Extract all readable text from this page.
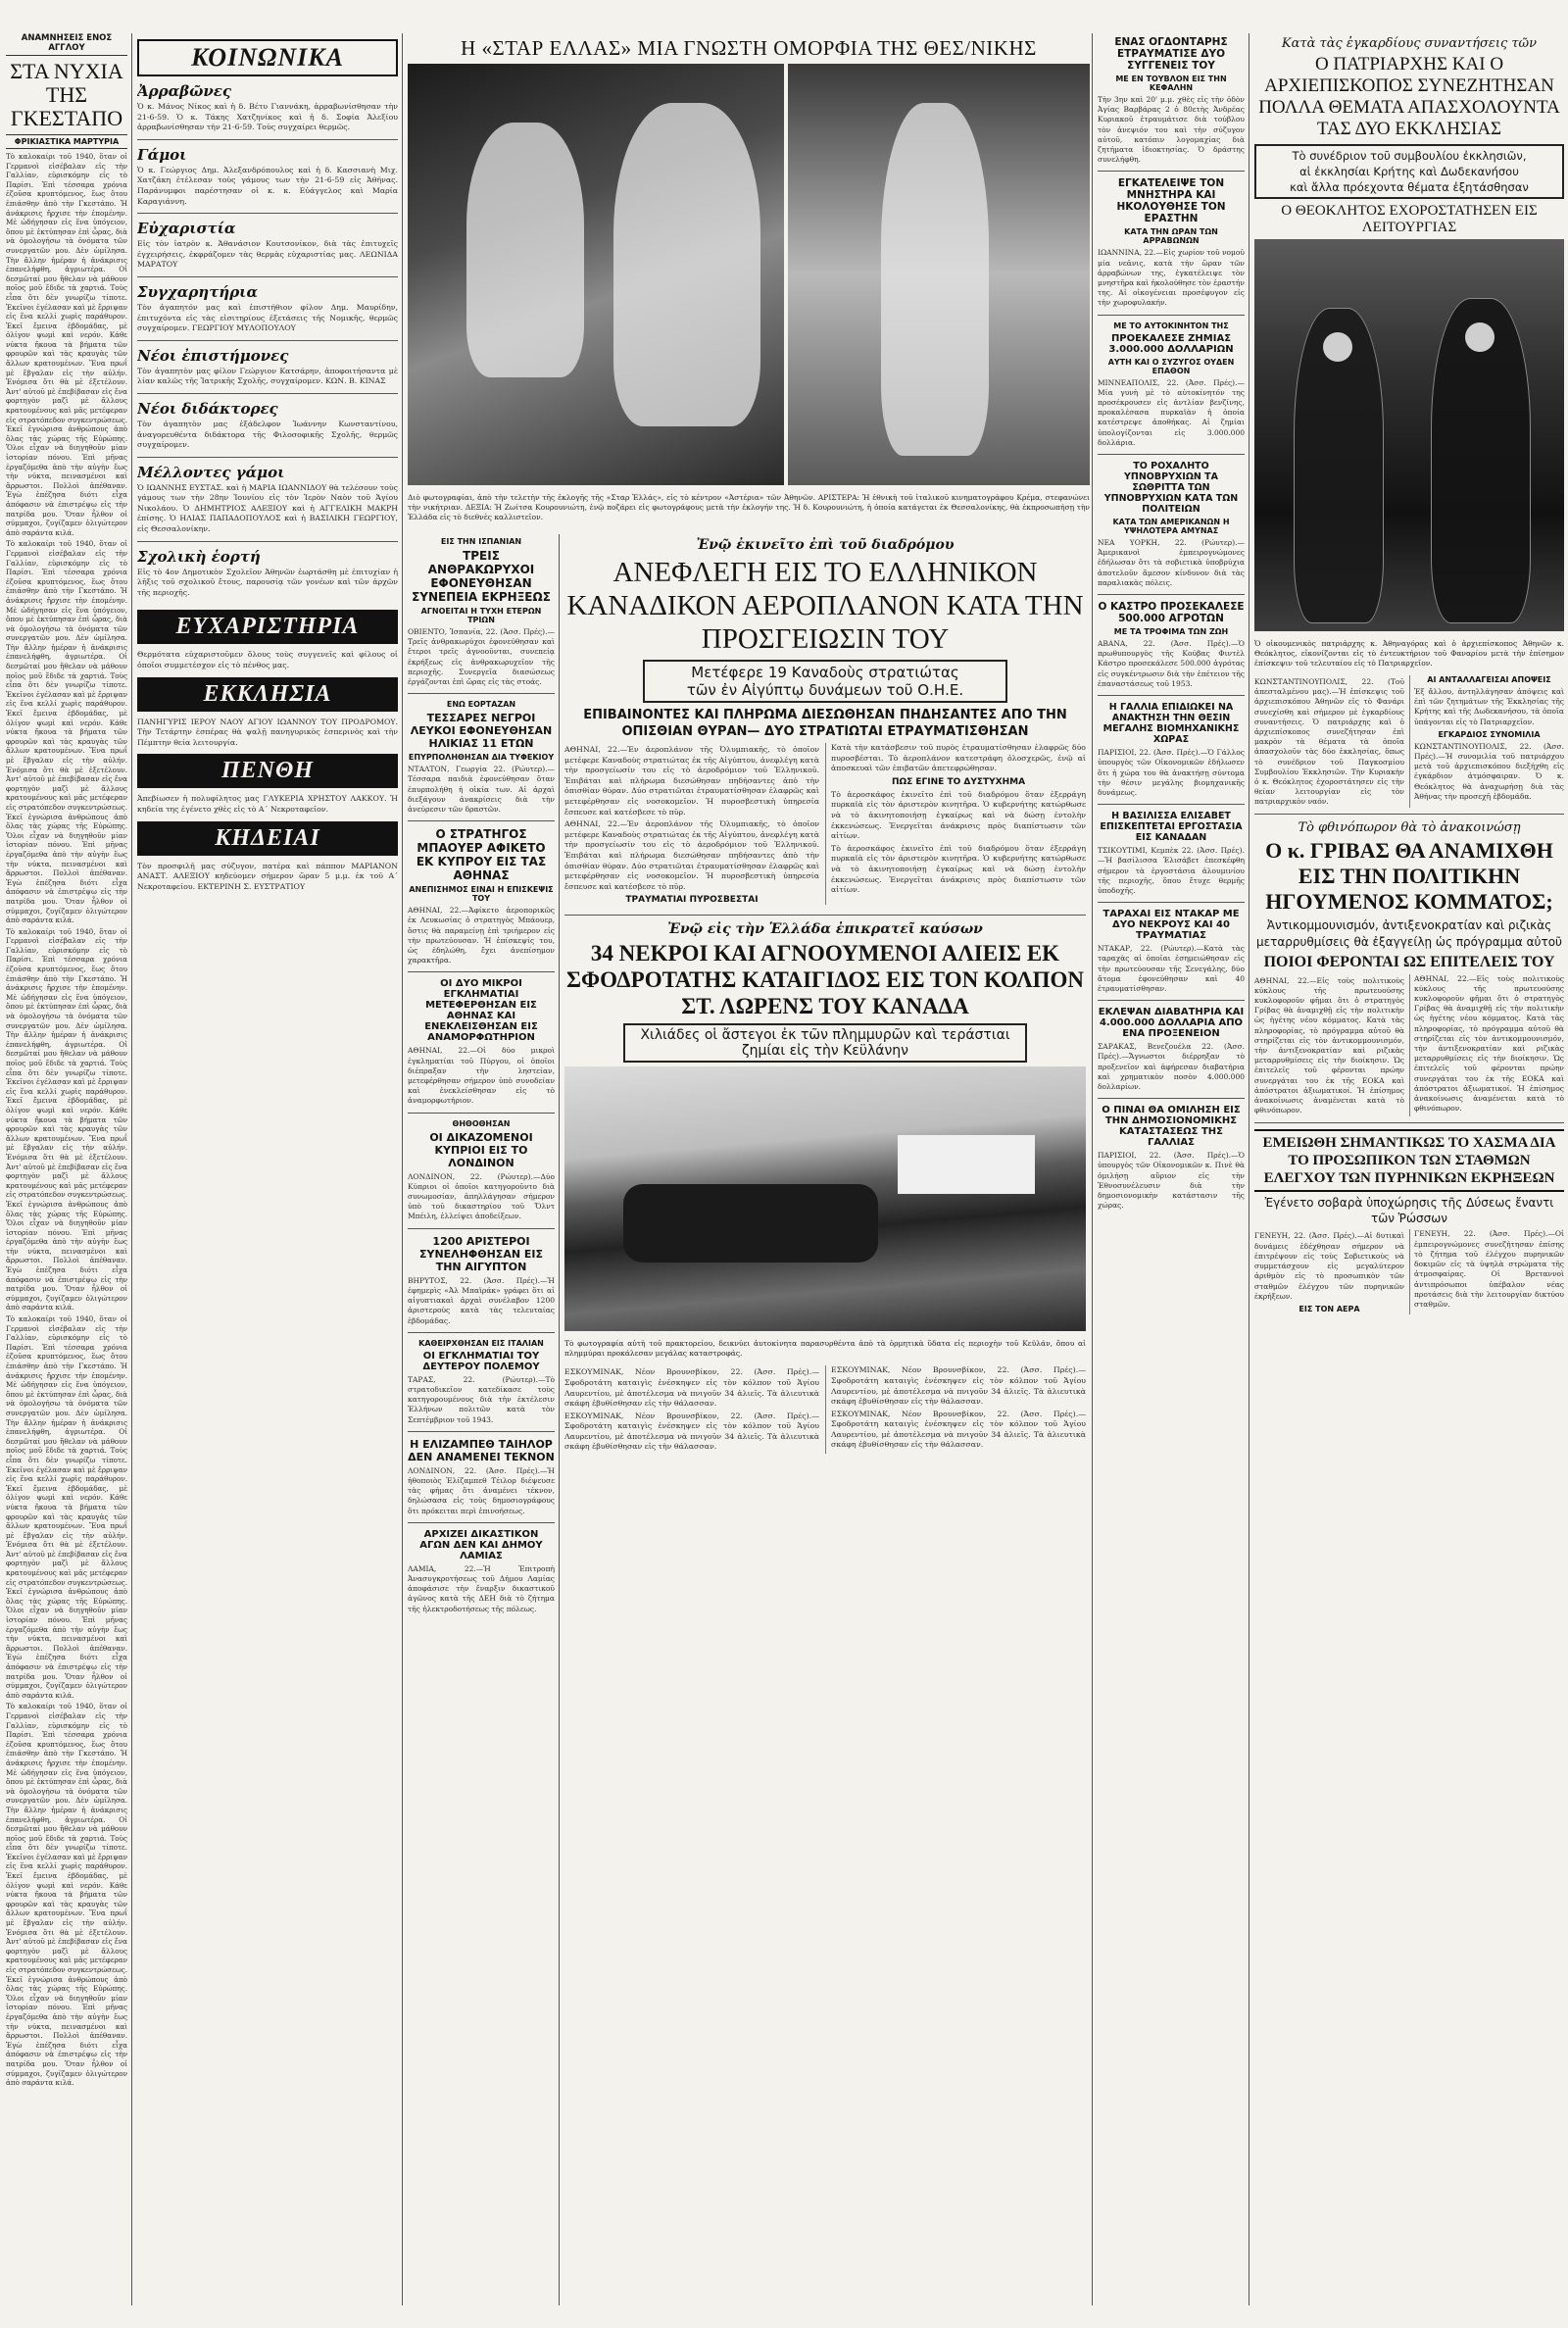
ΑΝΑΜΝΗΣΕΙΣ ΕΝΟΣ ΑΓΓΛΟΥ
ΣΤΑ ΝΥΧΙΑ ΤΗΣ ΓΚΕΣΤΑΠΟ
ΦΡΙΚΙΑΣΤΙΚΑ ΜΑΡΤΥΡΙΑ

Τὸ καλοκαίρι τοῦ 1940, ὅταν οἱ Γερμανοὶ εἰσέβαλαν εἰς τὴν Γαλλίαν, εὑρισκόμην εἰς τὸ Παρίσι. Ἐπὶ τέσσαρα χρόνια ἐζοῦσα κρυπτόμενος, ἕως ὅτου ἐπιάσθην ἀπὸ τὴν Γκεστάπο. Ἡ ἀνάκρισις ἤρχισε τὴν ἑπομένην. Μὲ ὡδήγησαν εἰς ἕνα ὑπόγειον, ὅπου μὲ ἐκτύπησαν ἐπὶ ὧρας, διὰ νὰ ὁμολογήσω τὰ ὀνόματα τῶν συνεργατῶν μου. Δὲν ὡμίλησα. Τὴν ἄλλην ἡμέραν ἡ ἀνάκρισις ἐπανελήφθη, ἀγριωτέρα. Οἱ δεσμῶταί μου ἤθελαν νὰ μάθουν ποῖος μοῦ ἔδιδε τὰ χαρτιά. Τοὺς εἶπα ὅτι δὲν γνωρίζω τίποτε. Ἐκεῖνοι ἐγέλασαν καὶ μὲ ἔρριψαν εἰς ἕνα κελλί χωρὶς παράθυρον. Ἐκεῖ ἔμεινα ἑβδομάδας, μὲ ὀλίγον ψωμὶ καὶ νερόν. Κάθε νύκτα ἤκουα τὰ βήματα τῶν φρουρῶν καὶ τὰς κραυγὰς τῶν ἄλλων κρατουμένων. Ἕνα πρωΐ μὲ ἔβγαλαν εἰς τὴν αὐλήν. Ἐνόμισα ὅτι θὰ μὲ ἐξετέλουν. Ἀντ' αὐτοῦ μὲ ἐπεβίβασαν εἰς ἕνα φορτηγὸν μαζὶ μὲ ἄλλους κρατουμένους καὶ μᾶς μετέφεραν εἰς στρατόπεδον συγκεντρώσεως. Ἐκεῖ ἐγνώρισα ἀνθρώπους ἀπὸ ὅλας τὰς χώρας τῆς Εὐρώπης. Ὅλοι εἶχαν νὰ διηγηθοῦν μίαν ἱστορίαν πόνου. Ἐπὶ μῆνας ἐργαζόμεθα ἀπὸ τὴν αὐγὴν ἕως τὴν νύκτα, πεινασμένοι καὶ ἄρρωστοι. Πολλοὶ ἀπέθαναν. Ἐγὼ ἐπέζησα διότι εἶχα ἀπόφασιν νὰ ἐπιστρέψω εἰς τὴν πατρίδα μου. Ὅταν ἦλθον οἱ σύμμαχοι, ζυγίζαμεν ὀλιγώτερον ἀπὸ σαράντα κιλά.

Τὸ καλοκαίρι τοῦ 1940, ὅταν οἱ Γερμανοὶ εἰσέβαλαν εἰς τὴν Γαλλίαν, εὑρισκόμην εἰς τὸ Παρίσι. Ἐπὶ τέσσαρα χρόνια ἐζοῦσα κρυπτόμενος, ἕως ὅτου ἐπιάσθην ἀπὸ τὴν Γκεστάπο. Ἡ ἀνάκρισις ἤρχισε τὴν ἑπομένην. Μὲ ὡδήγησαν εἰς ἕνα ὑπόγειον, ὅπου μὲ ἐκτύπησαν ἐπὶ ὧρας, διὰ νὰ ὁμολογήσω τὰ ὀνόματα τῶν συνεργατῶν μου. Δὲν ὡμίλησα. Τὴν ἄλλην ἡμέραν ἡ ἀνάκρισις ἐπανελήφθη, ἀγριωτέρα. Οἱ δεσμῶταί μου ἤθελαν νὰ μάθουν ποῖος μοῦ ἔδιδε τὰ χαρτιά. Τοὺς εἶπα ὅτι δὲν γνωρίζω τίποτε. Ἐκεῖνοι ἐγέλασαν καὶ μὲ ἔρριψαν εἰς ἕνα κελλί χωρὶς παράθυρον. Ἐκεῖ ἔμεινα ἑβδομάδας, μὲ ὀλίγον ψωμὶ καὶ νερόν. Κάθε νύκτα ἤκουα τὰ βήματα τῶν φρουρῶν καὶ τὰς κραυγὰς τῶν ἄλλων κρατουμένων. Ἕνα πρωΐ μὲ ἔβγαλαν εἰς τὴν αὐλήν. Ἐνόμισα ὅτι θὰ μὲ ἐξετέλουν. Ἀντ' αὐτοῦ μὲ ἐπεβίβασαν εἰς ἕνα φορτηγὸν μαζὶ μὲ ἄλλους κρατουμένους καὶ μᾶς μετέφεραν εἰς στρατόπεδον συγκεντρώσεως. Ἐκεῖ ἐγνώρισα ἀνθρώπους ἀπὸ ὅλας τὰς χώρας τῆς Εὐρώπης. Ὅλοι εἶχαν νὰ διηγηθοῦν μίαν ἱστορίαν πόνου. Ἐπὶ μῆνας ἐργαζόμεθα ἀπὸ τὴν αὐγὴν ἕως τὴν νύκτα, πεινασμένοι καὶ ἄρρωστοι. Πολλοὶ ἀπέθαναν. Ἐγὼ ἐπέζησα διότι εἶχα ἀπόφασιν νὰ ἐπιστρέψω εἰς τὴν πατρίδα μου. Ὅταν ἦλθον οἱ σύμμαχοι, ζυγίζαμεν ὀλιγώτερον ἀπὸ σαράντα κιλά.

Τὸ καλοκαίρι τοῦ 1940, ὅταν οἱ Γερμανοὶ εἰσέβαλαν εἰς τὴν Γαλλίαν, εὑρισκόμην εἰς τὸ Παρίσι. Ἐπὶ τέσσαρα χρόνια ἐζοῦσα κρυπτόμενος, ἕως ὅτου ἐπιάσθην ἀπὸ τὴν Γκεστάπο. Ἡ ἀνάκρισις ἤρχισε τὴν ἑπομένην. Μὲ ὡδήγησαν εἰς ἕνα ὑπόγειον, ὅπου μὲ ἐκτύπησαν ἐπὶ ὧρας, διὰ νὰ ὁμολογήσω τὰ ὀνόματα τῶν συνεργατῶν μου. Δὲν ὡμίλησα. Τὴν ἄλλην ἡμέραν ἡ ἀνάκρισις ἐπανελήφθη, ἀγριωτέρα. Οἱ δεσμῶταί μου ἤθελαν νὰ μάθουν ποῖος μοῦ ἔδιδε τὰ χαρτιά. Τοὺς εἶπα ὅτι δὲν γνωρίζω τίποτε. Ἐκεῖνοι ἐγέλασαν καὶ μὲ ἔρριψαν εἰς ἕνα κελλί χωρὶς παράθυρον. Ἐκεῖ ἔμεινα ἑβδομάδας, μὲ ὀλίγον ψωμὶ καὶ νερόν. Κάθε νύκτα ἤκουα τὰ βήματα τῶν φρουρῶν καὶ τὰς κραυγὰς τῶν ἄλλων κρατουμένων. Ἕνα πρωΐ μὲ ἔβγαλαν εἰς τὴν αὐλήν. Ἐνόμισα ὅτι θὰ μὲ ἐξετέλουν. Ἀντ' αὐτοῦ μὲ ἐπεβίβασαν εἰς ἕνα φορτηγὸν μαζὶ μὲ ἄλλους κρατουμένους καὶ μᾶς μετέφεραν εἰς στρατόπεδον συγκεντρώσεως. Ἐκεῖ ἐγνώρισα ἀνθρώπους ἀπὸ ὅλας τὰς χώρας τῆς Εὐρώπης. Ὅλοι εἶχαν νὰ διηγηθοῦν μίαν ἱστορίαν πόνου. Ἐπὶ μῆνας ἐργαζόμεθα ἀπὸ τὴν αὐγὴν ἕως τὴν νύκτα, πεινασμένοι καὶ ἄρρωστοι. Πολλοὶ ἀπέθαναν. Ἐγὼ ἐπέζησα διότι εἶχα ἀπόφασιν νὰ ἐπιστρέψω εἰς τὴν πατρίδα μου. Ὅταν ἦλθον οἱ σύμμαχοι, ζυγίζαμεν ὀλιγώτερον ἀπὸ σαράντα κιλά.

Τὸ καλοκαίρι τοῦ 1940, ὅταν οἱ Γερμανοὶ εἰσέβαλαν εἰς τὴν Γαλλίαν, εὑρισκόμην εἰς τὸ Παρίσι. Ἐπὶ τέσσαρα χρόνια ἐζοῦσα κρυπτόμενος, ἕως ὅτου ἐπιάσθην ἀπὸ τὴν Γκεστάπο. Ἡ ἀνάκρισις ἤρχισε τὴν ἑπομένην. Μὲ ὡδήγησαν εἰς ἕνα ὑπόγειον, ὅπου μὲ ἐκτύπησαν ἐπὶ ὧρας, διὰ νὰ ὁμολογήσω τὰ ὀνόματα τῶν συνεργατῶν μου. Δὲν ὡμίλησα. Τὴν ἄλλην ἡμέραν ἡ ἀνάκρισις ἐπανελήφθη, ἀγριωτέρα. Οἱ δεσμῶταί μου ἤθελαν νὰ μάθουν ποῖος μοῦ ἔδιδε τὰ χαρτιά. Τοὺς εἶπα ὅτι δὲν γνωρίζω τίποτε. Ἐκεῖνοι ἐγέλασαν καὶ μὲ ἔρριψαν εἰς ἕνα κελλί χωρὶς παράθυρον. Ἐκεῖ ἔμεινα ἑβδομάδας, μὲ ὀλίγον ψωμὶ καὶ νερόν. Κάθε νύκτα ἤκουα τὰ βήματα τῶν φρουρῶν καὶ τὰς κραυγὰς τῶν ἄλλων κρατουμένων. Ἕνα πρωΐ μὲ ἔβγαλαν εἰς τὴν αὐλήν. Ἐνόμισα ὅτι θὰ μὲ ἐξετέλουν. Ἀντ' αὐτοῦ μὲ ἐπεβίβασαν εἰς ἕνα φορτηγὸν μαζὶ μὲ ἄλλους κρατουμένους καὶ μᾶς μετέφεραν εἰς στρατόπεδον συγκεντρώσεως. Ἐκεῖ ἐγνώρισα ἀνθρώπους ἀπὸ ὅλας τὰς χώρας τῆς Εὐρώπης. Ὅλοι εἶχαν νὰ διηγηθοῦν μίαν ἱστορίαν πόνου. Ἐπὶ μῆνας ἐργαζόμεθα ἀπὸ τὴν αὐγὴν ἕως τὴν νύκτα, πεινασμένοι καὶ ἄρρωστοι. Πολλοὶ ἀπέθαναν. Ἐγὼ ἐπέζησα διότι εἶχα ἀπόφασιν νὰ ἐπιστρέψω εἰς τὴν πατρίδα μου. Ὅταν ἦλθον οἱ σύμμαχοι, ζυγίζαμεν ὀλιγώτερον ἀπὸ σαράντα κιλά.

Τὸ καλοκαίρι τοῦ 1940, ὅταν οἱ Γερμανοὶ εἰσέβαλαν εἰς τὴν Γαλλίαν, εὑρισκόμην εἰς τὸ Παρίσι. Ἐπὶ τέσσαρα χρόνια ἐζοῦσα κρυπτόμενος, ἕως ὅτου ἐπιάσθην ἀπὸ τὴν Γκεστάπο. Ἡ ἀνάκρισις ἤρχισε τὴν ἑπομένην. Μὲ ὡδήγησαν εἰς ἕνα ὑπόγειον, ὅπου μὲ ἐκτύπησαν ἐπὶ ὧρας, διὰ νὰ ὁμολογήσω τὰ ὀνόματα τῶν συνεργατῶν μου. Δὲν ὡμίλησα. Τὴν ἄλλην ἡμέραν ἡ ἀνάκρισις ἐπανελήφθη, ἀγριωτέρα. Οἱ δεσμῶταί μου ἤθελαν νὰ μάθουν ποῖος μοῦ ἔδιδε τὰ χαρτιά. Τοὺς εἶπα ὅτι δὲν γνωρίζω τίποτε. Ἐκεῖνοι ἐγέλασαν καὶ μὲ ἔρριψαν εἰς ἕνα κελλί χωρὶς παράθυρον. Ἐκεῖ ἔμεινα ἑβδομάδας, μὲ ὀλίγον ψωμὶ καὶ νερόν. Κάθε νύκτα ἤκουα τὰ βήματα τῶν φρουρῶν καὶ τὰς κραυγὰς τῶν ἄλλων κρατουμένων. Ἕνα πρωΐ μὲ ἔβγαλαν εἰς τὴν αὐλήν. Ἐνόμισα ὅτι θὰ μὲ ἐξετέλουν. Ἀντ' αὐτοῦ μὲ ἐπεβίβασαν εἰς ἕνα φορτηγὸν μαζὶ μὲ ἄλλους κρατουμένους καὶ μᾶς μετέφεραν εἰς στρατόπεδον συγκεντρώσεως. Ἐκεῖ ἐγνώρισα ἀνθρώπους ἀπὸ ὅλας τὰς χώρας τῆς Εὐρώπης. Ὅλοι εἶχαν νὰ διηγηθοῦν μίαν ἱστορίαν πόνου. Ἐπὶ μῆνας ἐργαζόμεθα ἀπὸ τὴν αὐγὴν ἕως τὴν νύκτα, πεινασμένοι καὶ ἄρρωστοι. Πολλοὶ ἀπέθαναν. Ἐγὼ ἐπέζησα διότι εἶχα ἀπόφασιν νὰ ἐπιστρέψω εἰς τὴν πατρίδα μου. Ὅταν ἦλθον οἱ σύμμαχοι, ζυγίζαμεν ὀλιγώτερον ἀπὸ σαράντα κιλά.

ΚΟΙΝΩΝΙΚΑ
Ἀρραβῶνες

Ὁ κ. Μάνος Νίκος καὶ ἡ δ. Βέτυ Γιαννάκη, ἀρραβωνίσθησαν τὴν 21-6-59. Ὁ κ. Τάκης Χατζηνίκος καὶ ἡ δ. Σοφία Ἀλεξίου ἀρραβωνίσθησαν τὴν 21-6-59. Τοὺς συγχαίρει θερμῶς.

Γάμοι

Ὁ κ. Γεώργιος Δημ. Ἀλεξανδρόπουλος καὶ ἡ δ. Κασσιανὴ Μιχ. Χατζάκη ἐτέλεσαν τοὺς γάμους των τὴν 21-6-59 εἰς Ἀθήνας. Παράνυμφοι παρέστησαν οἱ κ. κ. Εὐάγγελος καὶ Μαρία Καραγιάννη.

Εὐχαριστία

Εἰς τὸν ἰατρὸν κ. Ἀθανάσιον Κουτσονίκον, διὰ τὰς ἐπιτυχεῖς ἐγχειρήσεις, ἐκφράζομεν τὰς θερμὰς εὐχαριστίας μας. ΛΕΩΝΙΔΑ ΜΑΡΑΤΟΥ

Συγχαρητήρια

Τὸν ἀγαπητόν μας καὶ ἐπιστήθιον φίλον Δημ. Μαυρίδην, ἐπιτυχόντα εἰς τὰς εἰσιτηρίους ἐξετάσεις τῆς Νομικῆς, θερμῶς συγχαίρομεν. ΓΕΩΡΓΙΟΥ ΜΥΛΟΠΟΥΛΟΥ

Νέοι ἐπιστήμονες

Τὸν ἀγαπητὸν μας φίλον Γεώργιον Κατσάρην, ἀποφοιτήσαντα μὲ λίαν καλῶς τῆς Ἰατρικῆς Σχολῆς, συγχαίρομεν. ΚΩΝ. Β. ΚΙΝΑΣ

Νέοι διδάκτορες

Τὸν ἀγαπητὸν μας ἐξάδελφον Ἰωάννην Κωνσταντίνου, ἀναγορευθέντα διδάκτορα τῆς Φιλοσοφικῆς Σχολῆς, θερμῶς συγχαίρομεν.

Μέλλοντες γάμοι

Ὁ ΙΩΑΝΝΗΣ ΕΥΣΤΑΣ. καὶ ἡ ΜΑΡΙΑ ΙΩΑΝΝΙΔΟΥ θὰ τελέσουν τοὺς γάμους των τὴν 28ην Ἰουνίου εἰς τὸν Ἱερὸν Ναὸν τοῦ Ἁγίου Νικολάου. Ὁ ΔΗΜΗΤΡΙΟΣ ΑΛΕΞΙΟΥ καὶ ἡ ΑΓΓΕΛΙΚΗ ΜΑΚΡΗ ἐπίσης. Ὁ ΗΛΙΑΣ ΠΑΠΑΔΟΠΟΥΛΟΣ καὶ ἡ ΒΑΣΙΛΙΚΗ ΓΕΩΡΓΙΟΥ, εἰς Θεσσαλονίκην.

Σχολικὴ ἑορτή

Εἰς τὸ 4ον Δημοτικὸν Σχολεῖον Ἀθηνῶν ἐωρτάσθη μὲ ἐπιτυχίαν ἡ λῆξις τοῦ σχολικοῦ ἔτους, παρουσίᾳ τῶν γονέων καὶ τῶν ἀρχῶν τῆς περιοχῆς.

ΕΥΧΑΡΙΣΤΗΡΙΑ

Θερμότατα εὐχαριστοῦμεν ὅλους τοὺς συγγενεῖς καὶ φίλους οἱ ὁποῖοι συμμετέσχον εἰς τὸ πένθος μας.

ΕΚΚΛΗΣΙΑ

ΠΑΝΗΓΥΡΙΣ ΙΕΡΟΥ ΝΑΟΥ ΑΓΙΟΥ ΙΩΑΝΝΟΥ ΤΟΥ ΠΡΟΔΡΟΜΟΥ. Τὴν Τετάρτην ἑσπέρας θὰ ψαλῇ πανηγυρικὸς ἑσπερινὸς καὶ τὴν Πέμπτην θεία λειτουργία.

ΠΕΝΘΗ

Ἀπεβίωσεν ἡ πολυφίλητος μας ΓΛΥΚΕΡΙΑ ΧΡΗΣΤΟΥ ΛΑΚΚΟΥ. Ἡ κηδεία της ἐγένετο χθὲς εἰς τὸ Α΄ Νεκροταφεῖον.

ΚΗΔΕΙΑΙ

Τὸν προσφιλῆ μας σύζυγον, πατέρα καὶ πάππον ΜΑΡΙΑΝΟΝ ΑΝΑΣΤ. ΑΛΕΞΙΟΥ κηδεύομεν σήμερον ὥραν 5 μ.μ. ἐκ τοῦ Α΄ Νεκροταφείου. ΕΚΤΕΡΙΝΗ Σ. ΕΥΣΤΡΑΤΙΟΥ

Η «ΣΤΑΡ ΕΛΛΑΣ» ΜΙΑ ΓΝΩΣΤΗ ΟΜΟΡΦΙΑ ΤΗΣ ΘΕΣ/ΝΙΚΗΣ

Διὸ φωτογραφίαι, ἀπὸ τὴν τελετὴν τῆς ἐκλογῆς τῆς «Σταρ Ἑλλάς», εἰς τὸ κέντρον «Ἀστέρια» τῶν Ἀθηνῶν. ΑΡΙΣΤΕΡΑ: Ἡ ἐθνικὴ τοῦ ἰταλικοῦ κινηματογράφου Κρέμα, στεφανώνει τὴν νικήτριαν. ΔΕΞΙΑ: Ἡ Ζωίτσα Κουρουνιώτη, ἐνῷ ποζάρει εἰς φωτογράφους μετὰ τὴν ἐκλογήν της. Ἡ δ. Κουρουνιώτη, ἡ ὁποία κατάγεται ἐκ Θεσσαλονίκης, θὰ ἐκπροσωπήσῃ τὴν Ἑλλάδα εἰς τὸ διεθνὲς καλλιστεῖον.

ΕΙΣ ΤΗΝ ΙΣΠΑΝΙΑΝ
ΤΡΕΙΣ ΑΝΘΡΑΚΩΡΥΧΟΙ ΕΦΟΝΕΥΘΗΣΑΝ ΣΥΝΕΠΕΙΑ ΕΚΡΗΞΕΩΣ
ΑΓΝΟΕΙΤΑΙ Η ΤΥΧΗ ΕΤΕΡΩΝ ΤΡΙΩΝ

ΟΒΙΕΝΤΟ, Ἰσπανία, 22. (Ἀσσ. Πρές).—Τρεῖς ἀνθρακωρύχοι ἐφονεύθησαν καὶ ἕτεροι τρεῖς ἀγνοοῦνται, συνεπείᾳ ἐκρήξεως εἰς ἀνθρακωρυχεῖον τῆς περιοχῆς. Συνεργεῖα διασώσεως ἐργάζονται ἐπὶ ὥρας εἰς τὰς στοάς.

ΕΝΩ ΕΟΡΤΑΖΑΝ
ΤΕΣΣΑΡΕΣ ΝΕΓΡΟΙ ΛΕΥΚΟΙ ΕΦΟΝΕΥΘΗΣΑΝ ΗΛΙΚΙΑΣ 11 ΕΤΩΝ
ΕΠΥΡΠΟΛΗΘΗΣΑΝ ΔΙΑ ΤΥΦΕΚΙΟΥ

ΝΤΑΛΤΟΝ, Γεωργία 22. (Ρώυτερ).—Τέσσαρα παιδιὰ ἐφονεύθησαν ὅταν ἐπυρπολήθη ἡ οἰκία των. Αἱ ἀρχαὶ διεξάγουν ἀνακρίσεις διὰ τὴν ἀνεύρεσιν τῶν δραστῶν.

Ο ΣΤΡΑΤΗΓΟΣ ΜΠΑΟΥΕΡ ΑΦΙΚΕΤΟ ΕΚ ΚΥΠΡΟΥ ΕΙΣ ΤΑΣ ΑΘΗΝΑΣ
ΑΝΕΠΙΣΗΜΟΣ ΕΙΝΑΙ Η ΕΠΙΣΚΕΨΙΣ ΤΟΥ

ΑΘΗΝΑΙ, 22.—Ἀφίκετο ἀεροπορικῶς ἐκ Λευκωσίας ὁ στρατηγὸς Μπάουερ, ὅστις θὰ παραμείνῃ ἐπὶ τριήμερον εἰς τὴν πρωτεύουσαν. Ἡ ἐπίσκεψίς του, ὡς ἐδηλώθη, ἔχει ἀνεπίσημον χαρακτῆρα.

ΟΙ ΔΥΟ ΜΙΚΡΟΙ ΕΓΚΛΗΜΑΤΙΑΙ ΜΕΤΕΦΕΡΘΗΣΑΝ ΕΙΣ ΑΘΗΝΑΣ ΚΑΙ ΕΝΕΚΛΕΙΣΘΗΣΑΝ ΕΙΣ ΑΝΑΜΟΡΦΩΤΗΡΙΟΝ

ΑΘΗΝΑΙ, 22.—Οἱ δύο μικροὶ ἐγκληματίαι τοῦ Πύργου, οἱ ὁποῖοι διέπραξαν τὴν ληστείαν, μετεφέρθησαν σήμερον ὑπὸ συνοδείαν καὶ ἐνεκλείσθησαν εἰς τὸ ἀναμορφωτήριον.

ΘΗΘΟΘΗΣΑΝ
ΟΙ ΔΙΚΑΖΟΜΕΝΟΙ ΚΥΠΡΙΟΙ ΕΙΣ ΤΟ ΛΟΝΔΙΝΟΝ

ΛΟΝΔΙΝΟΝ, 22. (Ρώυτερ).—Δύο Κύπριοι οἱ ὁποῖοι κατηγοροῦντο διὰ συνωμοσίαν, ἀπηλλάγησαν σήμερον ὑπὸ τοῦ δικαστηρίου τοῦ Ὄλντ Μπέιλη, ἐλλείψει ἀποδείξεων.

1200 ΑΡΙΣΤΕΡΟΙ ΣΥΝΕΛΗΦΘΗΣΑΝ ΕΙΣ ΤΗΝ ΑΙΓΥΠΤΟΝ

ΒΗΡΥΤΟΣ, 22. (Ἀσσ. Πρές).—Ἡ ἐφημερὶς «Ἀλ Μπαϊράκ» γράφει ὅτι αἱ αἰγυπτιακαὶ ἀρχαὶ συνέλαβον 1200 ἀριστεροὺς κατὰ τὰς τελευταίας ἑβδομάδας.

ΚΑΘΕΙΡΧΘΗΣΑΝ ΕΙΣ ΙΤΑΛΙΑΝ
ΟΙ ΕΓΚΛΗΜΑΤΙΑΙ ΤΟΥ ΔΕΥΤΕΡΟΥ ΠΟΛΕΜΟΥ

ΤΑΡΑΣ, 22. (Ρώυτερ).—Τὸ στρατοδικεῖον κατεδίκασε τοὺς κατηγορουμένους διὰ τὴν ἐκτέλεσιν Ἑλλήνων πολιτῶν κατὰ τὸν Σεπτέμβριον τοῦ 1943.

Η ΕΛΙΖΑΜΠΕΘ ΤΑΙΗΛΟΡ ΔΕΝ ΑΝΑΜΕΝΕΙ ΤΕΚΝΟΝ

ΛΟΝΔΙΝΟΝ, 22. (Ἀσσ. Πρές).—Ἡ ἠθοποιὸς Ἐλίζαμπεθ Τέιλορ διέψευσε τὰς φήμας ὅτι ἀναμένει τέκνον, δηλώσασα εἰς τοὺς δημοσιογράφους ὅτι πρόκειται περὶ ἐπινοήσεως.

ΑΡΧΙΖΕΙ ΔΙΚΑΣΤΙΚΟΝ ΑΓΩΝ ΔΕΝ ΚΑΙ ΔΗΜΟΥ ΛΑΜΙΑΣ

ΛΑΜΙΑ, 22.—Ἡ Ἐπιτροπὴ Ἀνασυγκροτήσεως τοῦ Δήμου Λαμίας ἀποφάσισε τὴν ἔναρξιν δικαστικοῦ ἀγῶνος κατὰ τῆς ΔΕΗ διὰ τὸ ζήτημα τῆς ἠλεκτροδοτήσεως τῆς πόλεως.

Ἐνῷ ἐκινεῖτο ἐπὶ τοῦ διαδρόμου
ΑΝΕΦΛΕΓΗ ΕΙΣ ΤΟ ΕΛΛΗΝΙΚΟΝ ΚΑΝΑΔΙΚΟΝ ΑΕΡΟΠΛΑΝΟΝ ΚΑΤΑ ΤΗΝ ΠΡΟΣΓΕΙΩΣΙΝ ΤΟΥ
Μετέφερε 19 Καναδοὺς στρατιώτας
τῶν ἐν Αἰγύπτῳ δυνάμεων τοῦ Ο.Η.Ε.
ΕΠΙΒΑΙΝΟΝΤΕΣ ΚΑΙ ΠΛΗΡΩΜΑ ΔΙΕΣΩΘΗΣΑΝ ΠΗΔΗΣΑΝΤΕΣ ΑΠΟ ΤΗΝ ΟΠΙΣΘΙΑΝ ΘΥΡΑΝ— ΔΥΟ ΣΤΡΑΤΙΩΤΑΙ ΕΤΡΑΥΜΑΤΙΣΘΗΣΑΝ

ΑΘΗΝΑΙ, 22.—Ἐν ἀεροπλάνον τῆς Ὀλυμπιακῆς, τὸ ὁποῖον μετέφερε Καναδοὺς στρατιώτας ἐκ τῆς Αἰγύπτου, ἀνεφλέγη κατὰ τὴν προσγείωσίν του εἰς τὸ ἀεροδρόμιον τοῦ Ἑλληνικοῦ. Ἐπιβάται καὶ πλήρωμα διεσώθησαν πηδήσαντες ἀπὸ τὴν ὀπισθίαν θύραν. Δύο στρατιῶται ἐτραυματίσθησαν ἐλαφρῶς καὶ μετεφέρθησαν εἰς νοσοκομεῖον. Ἡ πυροσβεστικὴ ὑπηρεσία ἔσπευσε καὶ κατέσβεσε τὸ πῦρ.

ΑΘΗΝΑΙ, 22.—Ἐν ἀεροπλάνον τῆς Ὀλυμπιακῆς, τὸ ὁποῖον μετέφερε Καναδοὺς στρατιώτας ἐκ τῆς Αἰγύπτου, ἀνεφλέγη κατὰ τὴν προσγείωσίν του εἰς τὸ ἀεροδρόμιον τοῦ Ἑλληνικοῦ. Ἐπιβάται καὶ πλήρωμα διεσώθησαν πηδήσαντες ἀπὸ τὴν ὀπισθίαν θύραν. Δύο στρατιῶται ἐτραυματίσθησαν ἐλαφρῶς καὶ μετεφέρθησαν εἰς νοσοκομεῖον. Ἡ πυροσβεστικὴ ὑπηρεσία ἔσπευσε καὶ κατέσβεσε τὸ πῦρ.

ΤΡΑΥΜΑΤΙΑΙ ΠΥΡΟΣΒΕΣΤΑΙ

Κατὰ τὴν κατάσβεσιν τοῦ πυρὸς ἐτραυματίσθησαν ἐλαφρῶς δύο πυροσβέσται. Τὸ ἀεροπλάνον κατεστράφη ὁλοσχερῶς, ἐνῷ αἱ ἀποσκευαὶ τῶν ἐπιβατῶν ἀπετεφρώθησαν.

ΠΩΣ ΕΓΙΝΕ ΤΟ ΔΥΣΤΥΧΗΜΑ

Τὸ ἀεροσκάφος ἐκινεῖτο ἐπὶ τοῦ διαδρόμου ὅταν ἐξερράγη πυρκαϊὰ εἰς τὸν ἀριστερὸν κινητῆρα. Ὁ κυβερνήτης κατώρθωσε νὰ τὸ ἀκινητοποιήσῃ ἐγκαίρως καὶ νὰ δώσῃ ἐντολὴν ἐκκενώσεως. Ἐνεργεῖται ἀνάκρισις πρὸς διαπίστωσιν τῶν αἰτίων.

Τὸ ἀεροσκάφος ἐκινεῖτο ἐπὶ τοῦ διαδρόμου ὅταν ἐξερράγη πυρκαϊὰ εἰς τὸν ἀριστερὸν κινητῆρα. Ὁ κυβερνήτης κατώρθωσε νὰ τὸ ἀκινητοποιήσῃ ἐγκαίρως καὶ νὰ δώσῃ ἐντολὴν ἐκκενώσεως. Ἐνεργεῖται ἀνάκρισις πρὸς διαπίστωσιν τῶν αἰτίων.

Ἐνῷ εἰς τὴν Ἑλλάδα ἐπικρατεῖ καύσων
34 ΝΕΚΡΟΙ ΚΑΙ ΑΓΝΟΟΥΜΕΝΟΙ ΑΛΙΕΙΣ ΕΚ ΣΦΟΔΡΟΤΑΤΗΣ ΚΑΤΑΙΓΙΔΟΣ ΕΙΣ ΤΟΝ ΚΟΛΠΟΝ ΣΤ. ΛΩΡΕΝΣ ΤΟΥ ΚΑΝΑΔΑ
Χιλιάδες οἱ ἄστεγοι ἐκ τῶν πλημμυρῶν καὶ τεράστιαι ζημίαι εἰς τὴν Κεϋλάνην

Τὸ φωτογραφία αὐτὴ τοῦ πρακτορείου, δεικνύει ἀυτοκίνητα παρασυρθέντα ἀπὸ τὰ ὁρμητικὰ ὕδατα εἰς περιοχὴν τοῦ Κεϋλάν, ὅπου αἱ πλημμύραι προκάλεσαν μεγάλας καταστροφάς.

ΕΣΚΟΥΜΙΝΑΚ, Νέον Βρουνσβίκον, 22. (Ἀσσ. Πρές).—Σφοδροτάτη καταιγὶς ἐνέσκηψεν εἰς τὸν κόλπον τοῦ Ἁγίου Λαυρεντίου, μὲ ἀποτέλεσμα νὰ πνιγοῦν 34 ἁλιεῖς. Τὰ ἁλιευτικὰ σκάφη ἐβυθίσθησαν εἰς τὴν θάλασσαν.

ΕΣΚΟΥΜΙΝΑΚ, Νέον Βρουνσβίκον, 22. (Ἀσσ. Πρές).—Σφοδροτάτη καταιγὶς ἐνέσκηψεν εἰς τὸν κόλπον τοῦ Ἁγίου Λαυρεντίου, μὲ ἀποτέλεσμα νὰ πνιγοῦν 34 ἁλιεῖς. Τὰ ἁλιευτικὰ σκάφη ἐβυθίσθησαν εἰς τὴν θάλασσαν.

ΕΣΚΟΥΜΙΝΑΚ, Νέον Βρουνσβίκον, 22. (Ἀσσ. Πρές).—Σφοδροτάτη καταιγὶς ἐνέσκηψεν εἰς τὸν κόλπον τοῦ Ἁγίου Λαυρεντίου, μὲ ἀποτέλεσμα νὰ πνιγοῦν 34 ἁλιεῖς. Τὰ ἁλιευτικὰ σκάφη ἐβυθίσθησαν εἰς τὴν θάλασσαν.

ΕΣΚΟΥΜΙΝΑΚ, Νέον Βρουνσβίκον, 22. (Ἀσσ. Πρές).—Σφοδροτάτη καταιγὶς ἐνέσκηψεν εἰς τὸν κόλπον τοῦ Ἁγίου Λαυρεντίου, μὲ ἀποτέλεσμα νὰ πνιγοῦν 34 ἁλιεῖς. Τὰ ἁλιευτικὰ σκάφη ἐβυθίσθησαν εἰς τὴν θάλασσαν.

ΕΝΑΣ ΟΓΔΟΝΤΑΡΗΣ ΕΤΡΑΥΜΑΤΙΣΕ ΔΥΟ ΣΥΓΓΕΝΕΙΣ ΤΟΥ
ΜΕ ΕΝ ΤΟΥΒΛΟΝ ΕΙΣ ΤΗΝ ΚΕΦΑΛΗΝ

Τὴν 3ην καὶ 20' μ.μ. χθὲς εἰς τὴν ὁδὸν Ἀγίας Βαρβάρας 2 ὁ 80ετὴς Ἀνδρέας Κυριακοῦ ἐτραυμάτισε διὰ τούβλου τὸν ἀνεψιόν του καὶ τὴν σύζυγον αὐτοῦ, κατόπιν λογομαχίας διὰ ζητήματα ἰδιοκτησίας. Ὁ δράστης συνελήφθη.

ΕΓΚΑΤΕΛΕΙΨΕ ΤΟΝ ΜΝΗΣΤΗΡΑ ΚΑΙ ΗΚΟΛΟΥΘΗΣΕ ΤΟΝ ΕΡΑΣΤΗΝ
ΚΑΤΑ ΤΗΝ ΩΡΑΝ ΤΩΝ ΑΡΡΑΒΩΝΩΝ

ΙΩΑΝΝΙΝΑ, 22.—Εἰς χωρίον τοῦ νομοῦ μία νεᾶνις, κατὰ τὴν ὥραν τῶν ἀρραβώνων της, ἐγκατέλειψε τὸν μνηστῆρα καὶ ἠκολούθησε τὸν ἐραστήν της. Αἱ οἰκογένειαι προσέφυγον εἰς τὴν χωροφυλακήν.

ΜΕ ΤΟ ΑΥΤΟΚΙΝΗΤΟΝ ΤΗΣ
ΠΡΟΕΚΑΛΕΣΕ ΖΗΜΙΑΣ 3.000.000 ΔΟΛΛΑΡΙΩΝ
ΑΥΤΗ ΚΑΙ Ο ΣΥΖΥΓΟΣ ΟΥΔΕΝ ΕΠΑΘΟΝ

ΜΙΝΝΕΑΠΟΛΙΣ, 22. (Ἀσσ. Πρές).—Μία γυνὴ μὲ τὸ αὐτοκίνητόν της προσέκρουσεν εἰς ἀντλίαν βενζίνης, προκαλέσασα πυρκαϊὰν ἡ ὁποία κατέστρεψε ἀποθήκας. Αἱ ζημίαι ὑπολογίζονται εἰς 3.000.000 δολλάρια.

ΤΟ ΡΟΧΑΛΗΤΟ ΥΠΝΟΒΡΥΧΙΩΝ ΤΑ ΣΩΘΡΙΤΤΑ ΤΩΝ ΥΠΝΟΒΡΥΧΙΩΝ ΚΑΤΑ ΤΩΝ ΠΟΛΙΤΕΙΩΝ
ΚΑΤΑ ΤΩΝ ΑΜΕΡΙΚΑΝΩΝ Η ΥΨΗΛΟΤΕΡΑ ΑΜΥΝΑΣ

ΝΕΑ ΥΟΡΚΗ, 22. (Ρώυτερ).—Ἀμερικανοὶ ἐμπειρογνώμονες ἐδήλωσαν ὅτι τὰ σοβιετικὰ ὑποβρύχια ἀποτελοῦν ἄμεσον κίνδυνον διὰ τὰς παραλιακὰς πόλεις.

Ο ΚΑΣΤΡΟ ΠΡΟΣΕΚΑΛΕΣΕ 500.000 ΑΓΡΟΤΩΝ
ΜΕ ΤΑ ΤΡΟΦΙΜΑ ΤΩΝ ΖΩΗ

ΑΒΑΝΑ, 22. (Ἀσσ. Πρές).—Ὁ πρωθυπουργὸς τῆς Κούβας Φιντὲλ Κάστρο προσεκάλεσε 500.000 ἀγρότας εἰς συγκέντρωσιν διὰ τὴν ἐπέτειον τῆς ἐπαναστάσεως τοῦ 1953.

Η ΓΑΛΛΙΑ ΕΠΙΔΙΩΚΕΙ ΝΑ ΑΝΑΚΤΗΣΗ ΤΗΝ ΘΕΣΙΝ ΜΕΓΑΛΗΣ ΒΙΟΜΗΧΑΝΙΚΗΣ ΧΩΡΑΣ

ΠΑΡΙΣΙΟΙ, 22. (Ἀσσ. Πρές).—Ὁ Γάλλος ὑπουργὸς τῶν Οἰκονομικῶν ἐδήλωσεν ὅτι ἡ χώρα του θὰ ἀνακτήσῃ σύντομα τὴν θέσιν μεγάλης βιομηχανικῆς δυνάμεως.

Η ΒΑΣΙΛΙΣΣΑ ΕΛΙΣΑΒΕΤ ΕΠΙΣΚΕΠΤΕΤΑΙ ΕΡΓΟΣΤΑΣΙΑ ΕΙΣ ΚΑΝΑΔΑΝ

ΤΣΙΚΟΥΤΙΜΙ, Κεμπὲκ 22. (Ἀσσ. Πρές).—Ἡ βασίλισσα Ἐλισάβετ ἐπεσκέφθη σήμερον τὰ ἐργοστάσια ἀλουμινίου τῆς περιοχῆς, ὅπου ἔτυχε θερμῆς ὑποδοχῆς.

ΤΑΡΑΧΑΙ ΕΙΣ ΝΤΑΚΑΡ ΜΕ ΔΥΟ ΝΕΚΡΟΥΣ ΚΑΙ 40 ΤΡΑΥΜΑΤΙΑΣ

ΝΤΑΚΑΡ, 22. (Ρώυτερ).—Κατὰ τὰς ταραχὰς αἱ ὁποῖαι ἐσημειώθησαν εἰς τὴν πρωτεύουσαν τῆς Σενεγάλης, δύο ἄτομα ἐφονεύθησαν καὶ 40 ἐτραυματίσθησαν.

ΕΚΛΕΨΑΝ ΔΙΑΒΑΤΗΡΙΑ ΚΑΙ 4.000.000 ΔΟΛΛΑΡΙΑ ΑΠΟ ΕΝΑ ΠΡΟΞΕΝΕΙΟΝ

ΣΑΡΑΚΑΣ, Βενεζουέλα 22. (Ἀσσ. Πρές).—Ἄγνωστοι διέρρηξαν τὸ προξενεῖον καὶ ἀφήρεσαν διαβατήρια καὶ χρηματικὸν ποσὸν 4.000.000 δολλαρίων.

Ο ΠΙΝΑΙ ΘΑ ΟΜΙΛΗΣΗ ΕΙΣ ΤΗΝ ΔΗΜΟΣΙΟΝΟΜΙΚΗΣ ΚΑΤΑΣΤΑΣΕΩΣ ΤΗΣ ΓΑΛΛΙΑΣ

ΠΑΡΙΣΙΟΙ, 22. (Ἀσσ. Πρές).—Ὁ ὑπουργὸς τῶν Οἰκονομικῶν κ. Πινὲ θὰ ὁμιλήσῃ αὔριον εἰς τὴν Ἐθνοσυνέλευσιν διὰ τὴν δημοσιονομικὴν κατάστασιν τῆς χώρας.

Κατὰ τὰς ἐγκαρδίους συναντήσεις τῶν
Ο ΠΑΤΡΙΑΡΧΗΣ ΚΑΙ Ο ΑΡΧΙΕΠΙΣΚΟΠΟΣ ΣΥΝΕΖΗΤΗΣΑΝ ΠΟΛΛΑ ΘΕΜΑΤΑ ΑΠΑΣΧΟΛΟΥΝΤΑ ΤΑΣ ΔΥΟ ΕΚΚΛΗΣΙΑΣ
Τὸ συνέδριον τοῦ συμβουλίου ἐκκλησιῶν,
αἱ ἐκκλησίαι Κρήτης καὶ Δωδεκανήσου
καὶ ἄλλα πρόεχοντα θέματα ἐξητάσθησαν
Ο ΘΕΟΚΛΗΤΟΣ ΕΧΟΡΟΣΤΑΤΗΣΕΝ ΕΙΣ ΛΕΙΤΟΥΡΓΙΑΣ

Ὁ οἰκουμενικὸς πατριάρχης κ. Ἀθηναγόρας καὶ ὁ ἀρχιεπίσκοπος Ἀθηνῶν κ. Θεόκλητος, εἰκονίζονται εἰς τὸ ἐντευκτήριον τοῦ Φαναρίου μετὰ τὴν ἐπίσημον ἐπίσκεψιν τοῦ τελευταίου εἰς τὸ Πατριαρχεῖον.

ΚΩΝΣΤΑΝΤΙΝΟΥΠΟΛΙΣ, 22. (Τοῦ ἀπεσταλμένου μας).—Ἡ ἐπίσκεψις τοῦ ἀρχιεπισκόπου Ἀθηνῶν εἰς τὸ Φανάρι συνεχίσθη καὶ σήμερον μὲ ἐγκαρδίους συναντήσεις. Ὁ πατριάρχης καὶ ὁ ἀρχιεπίσκοπος συνεζήτησαν ἐπὶ μακρὸν τὰ θέματα τὰ ὁποῖα ἀπασχολοῦν τὰς δύο ἐκκλησίας, ὅπως τὸ συνέδριον τοῦ Παγκοσμίου Συμβουλίου Ἐκκλησιῶν. Τὴν Κυριακὴν ὁ κ. Θεόκλητος ἐχοροστάτησεν εἰς τὴν θείαν λειτουργίαν εἰς τὸν πατριαρχικὸν ναόν.

ΑΙ ΑΝΤΑΛΛΑΓΕΙΣΑΙ ΑΠΟΨΕΙΣ

Ἐξ ἄλλου, ἀντηλλάγησαν ἀπόψεις καὶ ἐπὶ τῶν ζητημάτων τῆς Ἐκκλησίας τῆς Κρήτης καὶ τῆς Δωδεκανήσου, τὰ ὁποῖα ὑπάγονται εἰς τὸ Πατριαρχεῖον.

ΕΓΚΑΡΔΙΟΣ ΣΥΝΟΜΙΛΙΑ

ΚΩΝΣΤΑΝΤΙΝΟΥΠΟΛΙΣ, 22. (Ἀσσ. Πρές).—Ἡ συνομιλία τοῦ πατριάρχου μετὰ τοῦ ἀρχιεπισκόπου διεξήχθη εἰς ἐγκάρδιον ἀτμόσφαιραν. Ὁ κ. Θεόκλητος θὰ ἀναχωρήσῃ διὰ τὰς Ἀθήνας τὴν προσεχῆ ἑβδομάδα.

Τὸ φθινόπωρον θὰ τὸ ἀνακοινώσῃ
Ο κ. ΓΡΙΒΑΣ ΘΑ ΑΝΑΜΙΧΘΗ ΕΙΣ ΤΗΝ ΠΟΛΙΤΙΚΗΝ ΗΓΟΥΜΕΝΟΣ ΚΟΜΜΑΤΟΣ;
Ἀντικομμουνισμόν, ἀντιξενοκρατίαν καὶ ριζικὰς μεταρρυθμίσεις θὰ ἐξαγγείλῃ ὡς πρόγραμμα αὐτοῦ
ΠΟΙΟΙ ΦΕΡΟΝΤΑΙ ΩΣ ΕΠΙΤΕΛΕΙΣ ΤΟΥ

ΑΘΗΝΑΙ, 22.—Εἰς τοὺς πολιτικοὺς κύκλους τῆς πρωτευούσης κυκλοφοροῦν φῆμαι ὅτι ὁ στρατηγὸς Γρίβας θὰ ἀναμιχθῇ εἰς τὴν πολιτικὴν ὡς ἡγέτης νέου κόμματος. Κατὰ τὰς πληροφορίας, τὸ πρόγραμμα αὐτοῦ θὰ στηρίζεται εἰς τὸν ἀντικομμουνισμόν, τὴν ἀντιξενοκρατίαν καὶ ριζικὰς μεταρρυθμίσεις εἰς τὴν διοίκησιν. Ὡς ἐπιτελεῖς τοῦ φέρονται πρώην συνεργάται του ἐκ τῆς ΕΟΚΑ καὶ ἀπόστρατοι ἀξιωματικοί. Ἡ ἐπίσημος ἀνακοίνωσις ἀναμένεται κατὰ τὸ φθινόπωρον.

ΑΘΗΝΑΙ, 22.—Εἰς τοὺς πολιτικοὺς κύκλους τῆς πρωτευούσης κυκλοφοροῦν φῆμαι ὅτι ὁ στρατηγὸς Γρίβας θὰ ἀναμιχθῇ εἰς τὴν πολιτικὴν ὡς ἡγέτης νέου κόμματος. Κατὰ τὰς πληροφορίας, τὸ πρόγραμμα αὐτοῦ θὰ στηρίζεται εἰς τὸν ἀντικομμουνισμόν, τὴν ἀντιξενοκρατίαν καὶ ριζικὰς μεταρρυθμίσεις εἰς τὴν διοίκησιν. Ὡς ἐπιτελεῖς τοῦ φέρονται πρώην συνεργάται του ἐκ τῆς ΕΟΚΑ καὶ ἀπόστρατοι ἀξιωματικοί. Ἡ ἐπίσημος ἀνακοίνωσις ἀναμένεται κατὰ τὸ φθινόπωρον.

ΕΜΕΙΩΘΗ ΣΗΜΑΝΤΙΚΩΣ ΤΟ ΧΑΣΜΑ ΔΙΑ ΤΟ ΠΡΟΣΩΠΙΚΟΝ ΤΩΝ ΣΤΑΘΜΩΝ ΕΛΕΓΧΟΥ ΤΩΝ ΠΥΡΗΝΙΚΩΝ ΕΚΡΗΞΕΩΝ
Ἐγένετο σοβαρὰ ὑποχώρησις τῆς Δύσεως ἔναντι τῶν Ῥώσσων

ΓΕΝΕΥΗ, 22. (Ἀσσ. Πρές).—Αἱ δυτικαὶ δυνάμεις ἐδέχθησαν σήμερον νὰ ἐπιτρέψουν εἰς τοὺς Σοβιετικοὺς νὰ συμμετάσχουν εἰς μεγαλύτερον ἀριθμὸν εἰς τὸ προσωπικὸν τῶν σταθμῶν ἐλέγχου τῶν πυρηνικῶν ἐκρήξεων.

ΕΙΣ ΤΟΝ ΑΕΡΑ

ΓΕΝΕΥΗ, 22. (Ἀσσ. Πρές).—Οἱ ἐμπειρογνώμονες συνεζήτησαν ἐπίσης τὸ ζήτημα τοῦ ἐλέγχου πυρηνικῶν δοκιμῶν εἰς τὰ ὑψηλὰ στρώματα τῆς ἀτμοσφαίρας. Οἱ Βρεταννοὶ ἀντιπρόσωποι ὑπέβαλον νέας προτάσεις διὰ τὴν λειτουργίαν δικτύου σταθμῶν.
